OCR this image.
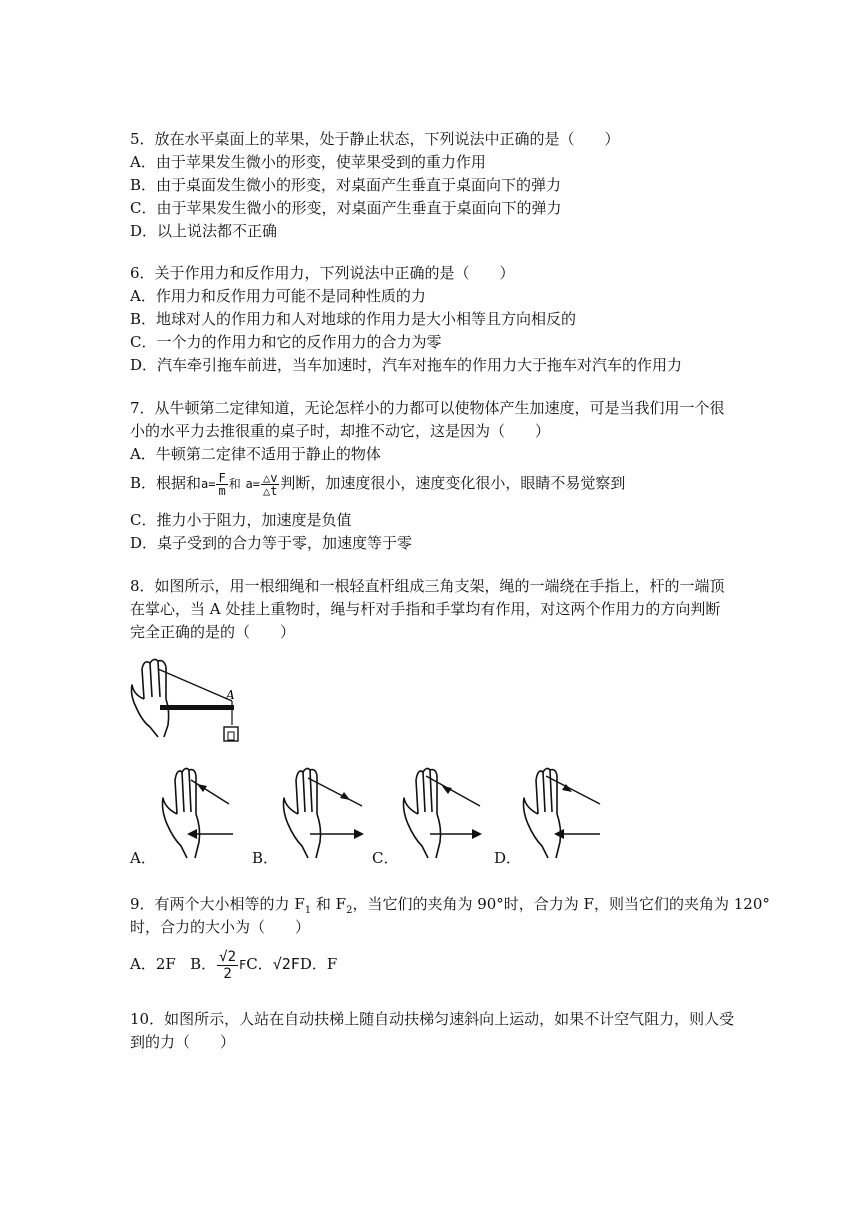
5．放在水平桌面上的苹果，处于静止状态，下列说法中正确的是（　　）
A．由于苹果发生微小的形变，使苹果受到的重力作用
B．由于桌面发生微小的形变，对桌面产生垂直于桌面向下的弹力
C．由于苹果发生微小的形变，对桌面产生垂直于桌面向下的弹力
D．以上说法都不正确
6．关于作用力和反作用力，下列说法中正确的是（　　）
A．作用力和反作用力可能不是同种性质的力
B．地球对人的作用力和人对地球的作用力是大小相等且方向相反的
C．一个力的作用力和它的反作用力的合力为零
D．汽车牵引拖车前进，当车加速时，汽车对拖车的作用力大于拖车对汽车的作用力
7．从牛顿第二定律知道，无论怎样小的力都可以使物体产生加速度，可是当我们用一个很
小的水平力去推很重的桌子时，却推不动它，这是因为（　　）
A．牛顿第二定律不适用于静止的物体
B．根据和$a= \frac{F}{m}$ 和 $a= \frac{\triangle v}{\triangle t}$ 判断，加速度很小，速度变化很小，眼睛不易觉察到
C．推力小于阻力，加速度是负值
D．桌子受到的合力等于零，加速度等于零
8．如图所示，用一根细绳和一根轻直杆组成三角支架，绳的一端绕在手指上，杆的一端顶
在掌心，当 A 处挂上重物时，绳与杆对手指和手掌均有作用，对这两个作用力的方向判断
完全正确的是的（　　）
A
A．	B．	C．	D．
9．有两个大小相等的力 $F_1$ 和 $F_2$，当它们的夹角为 90°时，合力为 F，则当它们的夹角为 120°
时，合力的大小为（　　）
A．2F B． $\frac{√2}{2}$ FC．√2FD．F
10．如图所示，人站在自动扶梯上随自动扶梯匀速斜向上运动，如果不计空气阻力，则人受
到的力（　　）
